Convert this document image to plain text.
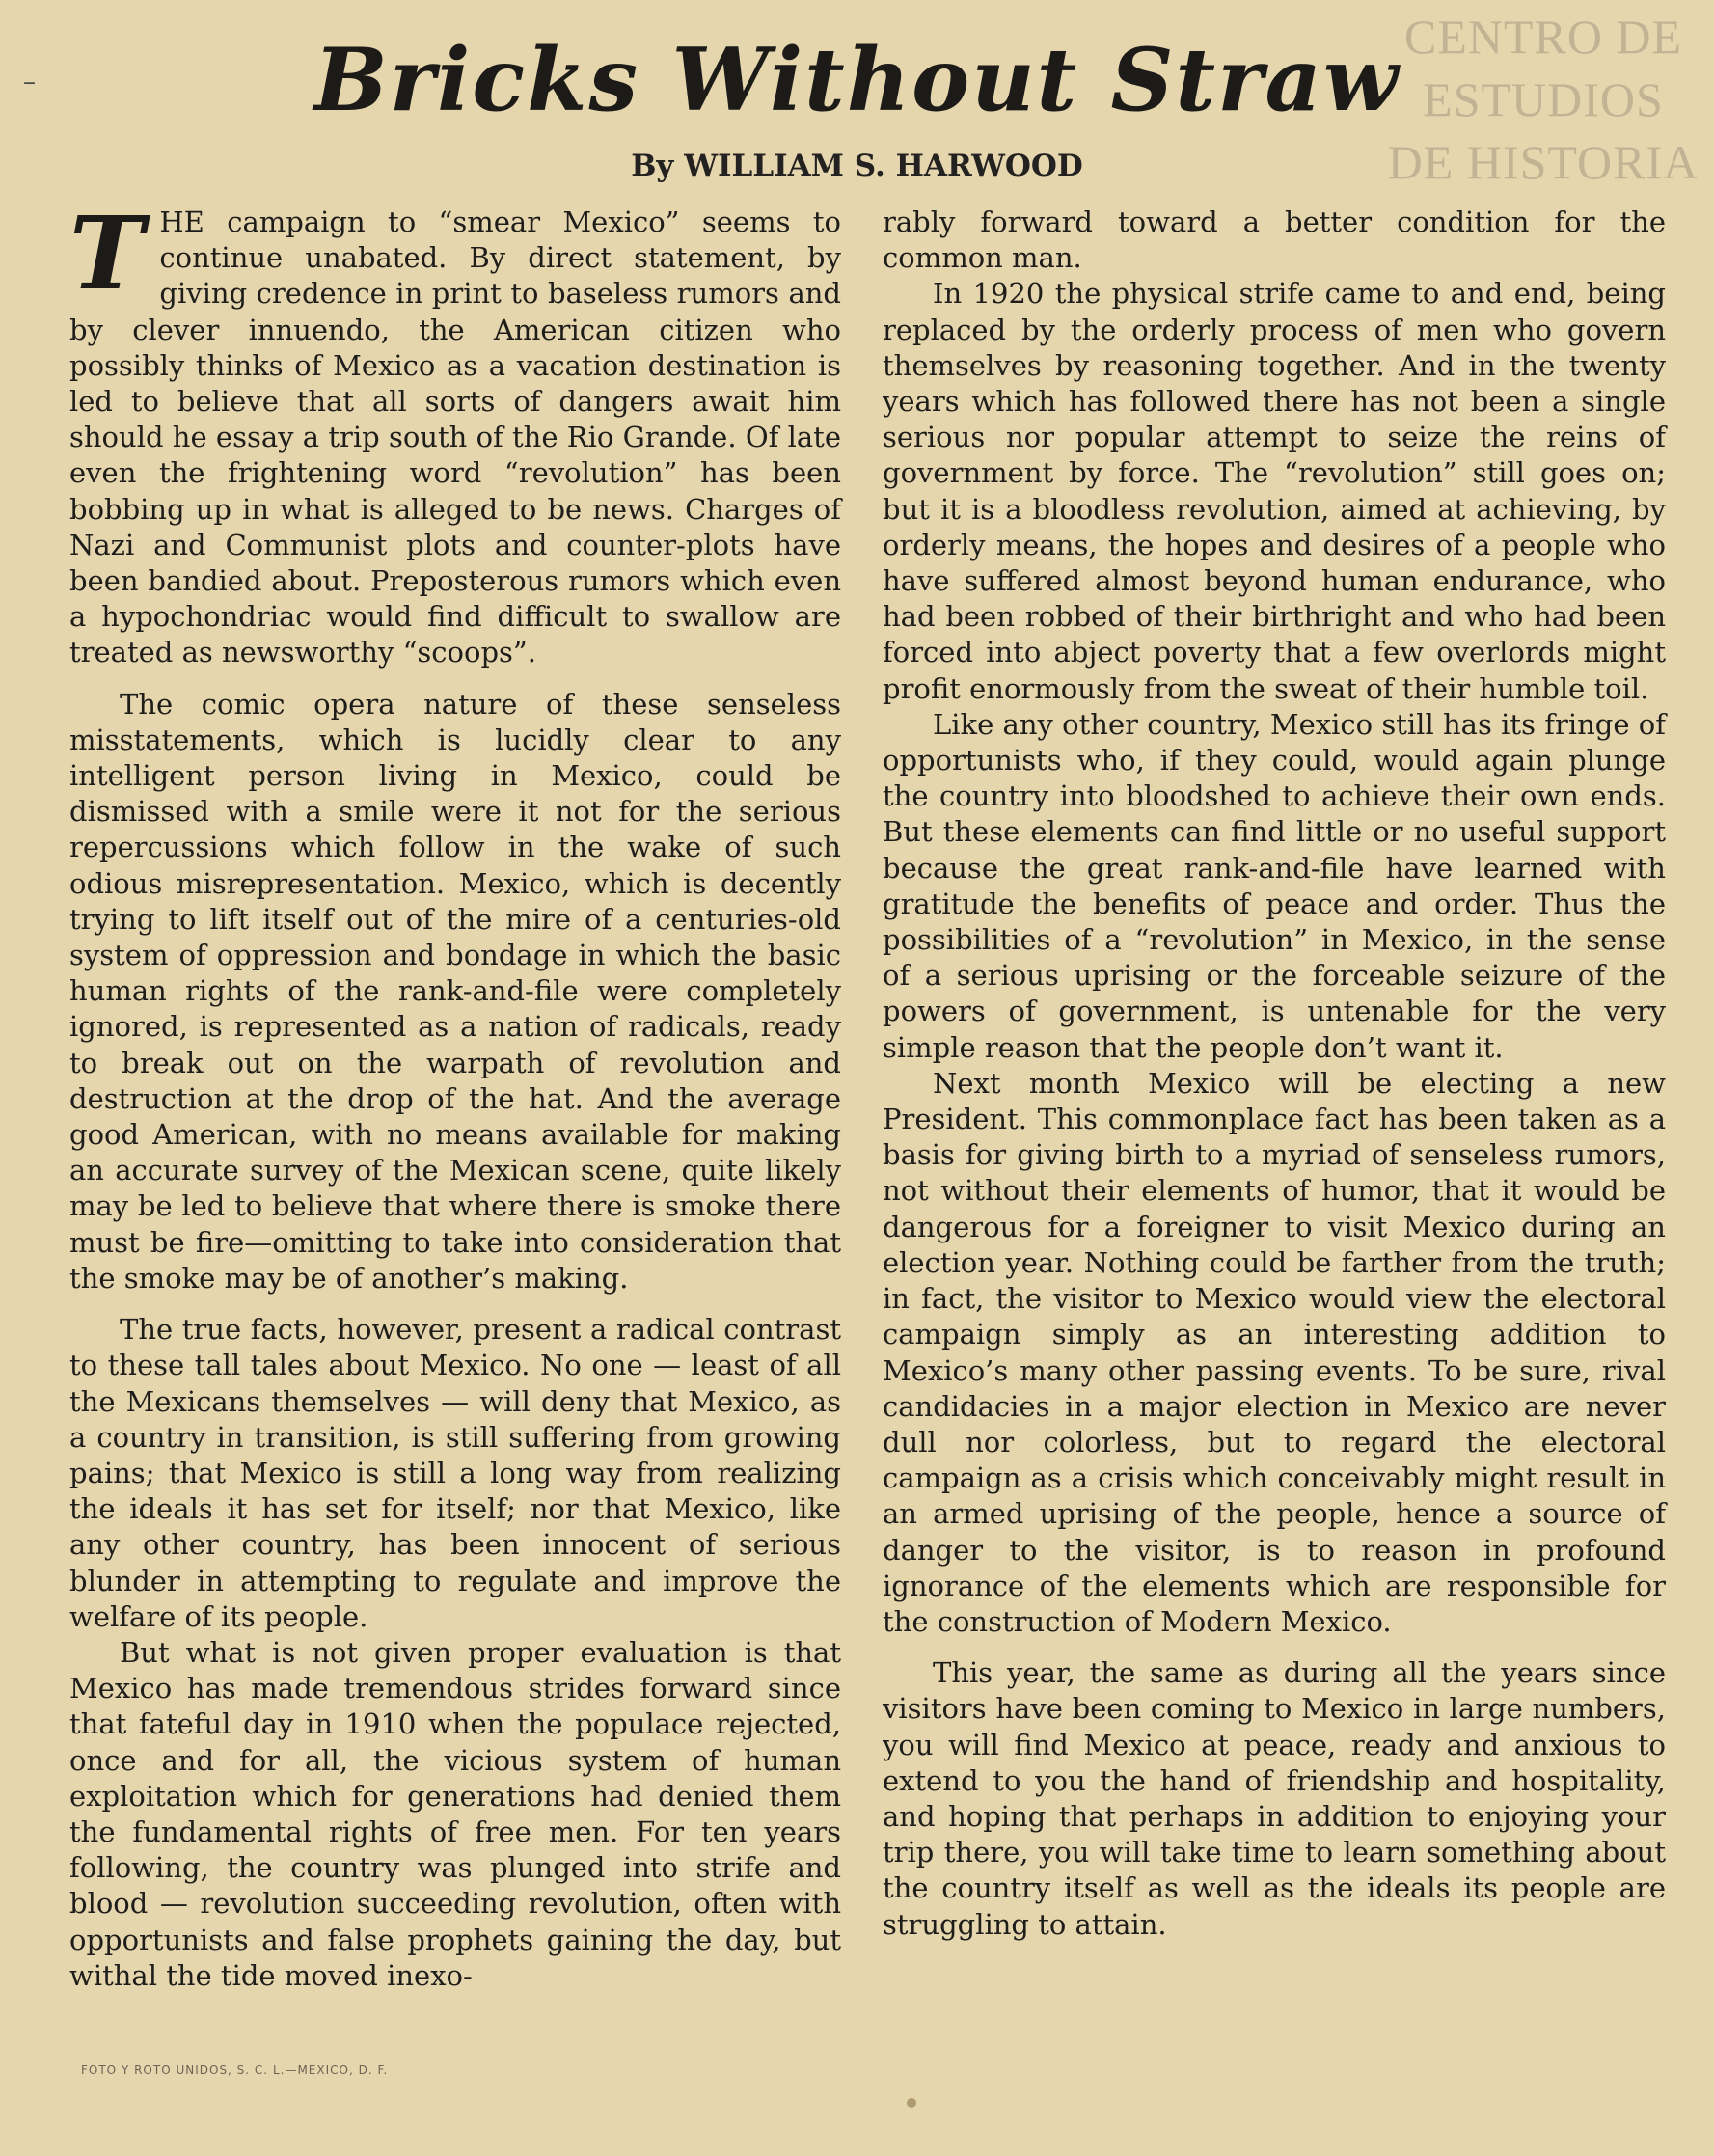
CENTRO DE
ESTUDIOS
DE HISTORIA
–	Bricks Without Straw
By WILLIAM S. HARWOOD

THE campaign to “smear Mexico” seems to continue unabated. By direct statement, by giving credence in print to baseless rumors and by clever innuendo, the American citizen who possibly thinks of Mexico as a vacation destination is led to believe that all sorts of dangers await him should he essay a trip south of the Rio Grande. Of late even the frightening word “revolution” has been bobbing up in what is alleged to be news. Charges of Nazi and Communist plots and counter-plots have been bandied about. Preposterous rumors which even a hypochondriac would find difficult to swallow are treated as newsworthy “scoops”.

The comic opera nature of these senseless misstatements, which is lucidly clear to any intelligent person living in Mexico, could be dismissed with a smile were it not for the serious repercussions which follow in the wake of such odious misrepresentation. Mexico, which is decently trying to lift itself out of the mire of a centuries-old system of oppression and bondage in which the basic human rights of the rank-and-file were completely ignored, is represented as a nation of radicals, ready to break out on the warpath of revolution and destruction at the drop of the hat. And the average good American, with no means available for making an accurate survey of the Mexican scene, quite likely may be led to believe that where there is smoke there must be fire—omitting to take into consideration that the smoke may be of another’s making.

The true facts, however, present a radical contrast to these tall tales about Mexico. No one — least of all the Mexicans themselves — will deny that Mexico, as a country in transition, is still suffering from growing pains; that Mexico is still a long way from realizing the ideals it has set for itself; nor that Mexico, like any other country, has been innocent of serious blunder in attempting to regulate and improve the welfare of its people.

But what is not given proper evaluation is that Mexico has made tremendous strides forward since that fateful day in 1910 when the populace rejected, once and for all, the vicious system of human exploitation which for generations had denied them the fundamental rights of free men. For ten years following, the country was plunged into strife and blood — revolution succeeding revolution, often with opportunists and false prophets gaining the day, but withal the tide moved inexo-

rably forward toward a better condition for the common man.

In 1920 the physical strife came to and end, being replaced by the orderly process of men who govern themselves by reasoning together. And in the twenty years which has followed there has not been a single serious nor popular attempt to seize the reins of government by force. The “revolution” still goes on; but it is a bloodless revolution, aimed at achieving, by orderly means, the hopes and desires of a people who have suffered almost beyond human endurance, who had been robbed of their birthright and who had been forced into abject poverty that a few overlords might profit enormously from the sweat of their humble toil.

Like any other country, Mexico still has its fringe of opportunists who, if they could, would again plunge the country into bloodshed to achieve their own ends. But these elements can find little or no useful support because the great rank-and-file have learned with gratitude the benefits of peace and order. Thus the possibilities of a “revolution” in Mexico, in the sense of a serious uprising or the forceable seizure of the powers of government, is untenable for the very simple reason that the people don’t want it.

Next month Mexico will be electing a new President. This commonplace fact has been taken as a basis for giving birth to a myriad of senseless rumors, not without their elements of humor, that it would be dangerous for a foreigner to visit Mexico during an election year. Nothing could be farther from the truth; in fact, the visitor to Mexico would view the electoral campaign simply as an interesting addition to Mexico’s many other passing events. To be sure, rival candidacies in a major election in Mexico are never dull nor colorless, but to regard the electoral campaign as a crisis which conceivably might result in an armed uprising of the people, hence a source of danger to the visitor, is to reason in profound ignorance of the elements which are responsible for the construction of Modern Mexico.

This year, the same as during all the years since visitors have been coming to Mexico in large numbers, you will find Mexico at peace, ready and anxious to extend to you the hand of friendship and hospitality, and hoping that perhaps in addition to enjoying your trip there, you will take time to learn something about the country itself as well as the ideals its people are struggling to attain.

FOTO Y ROTO UNIDOS, S. C. L.—MEXICO, D. F.
